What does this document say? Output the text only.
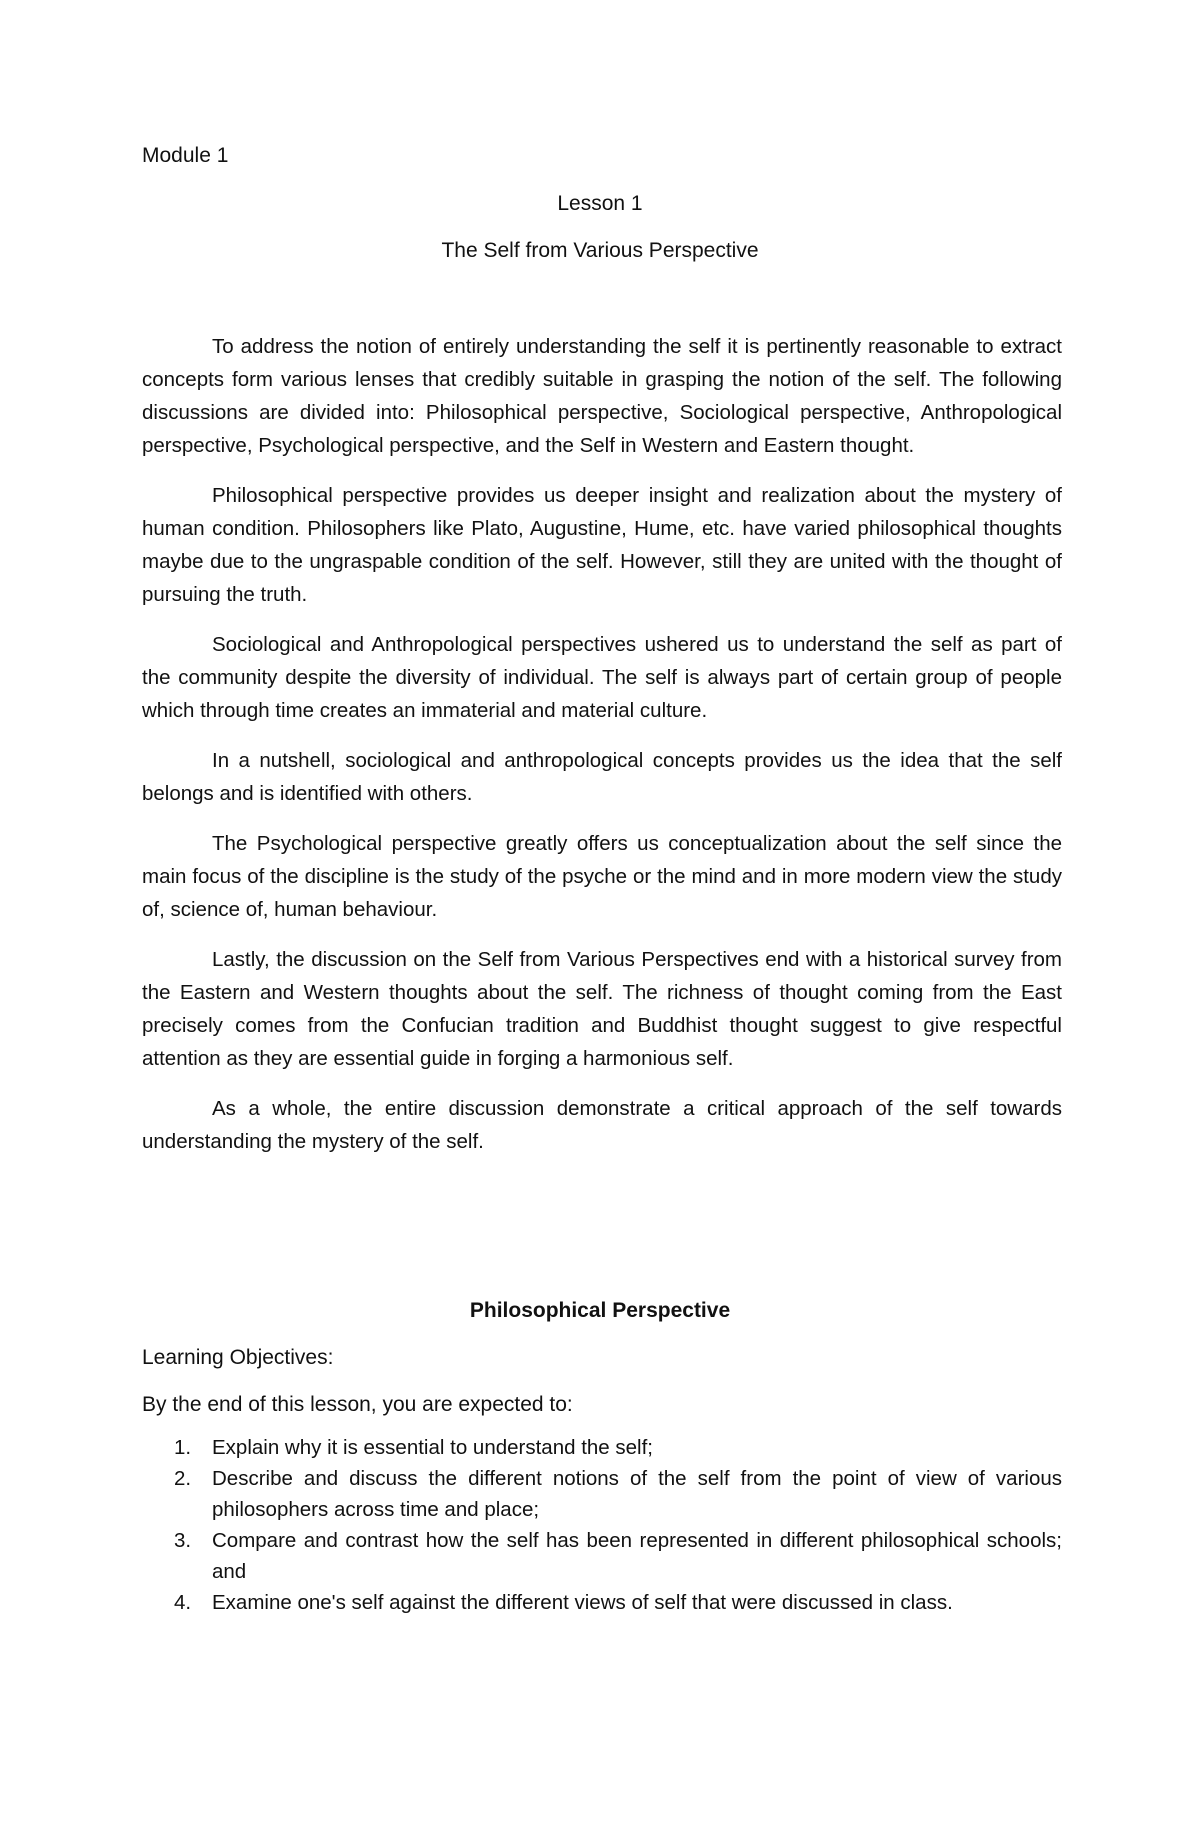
Module 1
Lesson 1
The Self from Various Perspective

To address the notion of entirely understanding the self it is pertinently reasonable to extract concepts form various lenses that credibly suitable in grasping the notion of the self. The following discussions are divided into: Philosophical perspective, Sociological perspective, Anthropological perspective, Psychological perspective, and the Self in Western and Eastern thought.

Philosophical perspective provides us deeper insight and realization about the mystery of human condition. Philosophers like Plato, Augustine, Hume, etc. have varied philosophical thoughts maybe due to the ungraspable condition of the self. However, still they are united with the thought of pursuing the truth.

Sociological and Anthropological perspectives ushered us to understand the self as part of the community despite the diversity of individual. The self is always part of certain group of people which through time creates an immaterial and material culture.

In a nutshell, sociological and anthropological concepts provides us the idea that the self belongs and is identified with others.

The Psychological perspective greatly offers us conceptualization about the self since the main focus of the discipline is the study of the psyche or the mind and in more modern view the study of, science of, human behaviour.

Lastly, the discussion on the Self from Various Perspectives end with a historical survey from the Eastern and Western thoughts about the self. The richness of thought coming from the East precisely comes from the Confucian tradition and Buddhist thought suggest to give respectful attention as they are essential guide in forging a harmonious self.

As a whole, the entire discussion demonstrate a critical approach of the self towards understanding the mystery of the self.

Philosophical Perspective

Learning Objectives:

By the end of this lesson, you are expected to:

1.	Explain why it is essential to understand the self;
2.	Describe and discuss the different notions of the self from the point of view of various philosophers across time and place;
3.	Compare and contrast how the self has been represented in different philosophical schools; and
4.	Examine one's self against the different views of self that were discussed in class.
